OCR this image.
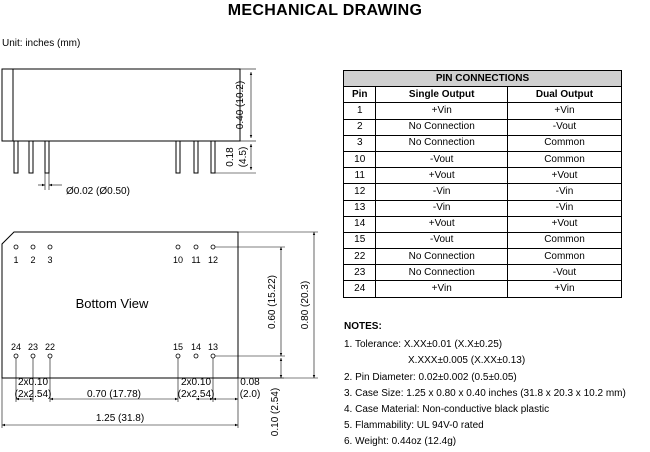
MECHANICAL DRAWING
Unit: inches (mm)
0.40 (10.2)
0.18 (4.5)
Ø0.02 (Ø0.50)
1 2 3	10 11 12
24 23 22	15 14 13
Bottom View
2x0.10
(2x2.54)	0.70 (17.78)
2x0.10
(2x2.54)
0.08
(2.0)
1.25 (31.8)
0.60 (15.22) 0.80 (20.3)
0.10 (2.54)
PIN CONNECTIONS		
Pin	Single Output	Dual Output
1	+Vin	+Vin
2	No Connection	-Vout
3	No Connection	Common
10	-Vout	Common
11	+Vout	+Vout
12	-Vin	-Vin
13	-Vin	-Vin
14	+Vout	+Vout
15	-Vout	Common
22	No Connection	Common
23	No Connection	-Vout
24	+Vin	+Vin
NOTES:
1. Tolerance: X.XX±0.01 (X.X±0.25)
X.XXX±0.005 (X.XX±0.13)
2. Pin Diameter: 0.02±0.002 (0.5±0.05)
3. Case Size: 1.25 x 0.80 x 0.40 inches (31.8 x 20.3 x 10.2 mm)
4. Case Material: Non-conductive black plastic
5. Flammability: UL 94V-0 rated
6. Weight: 0.44oz (12.4g)
